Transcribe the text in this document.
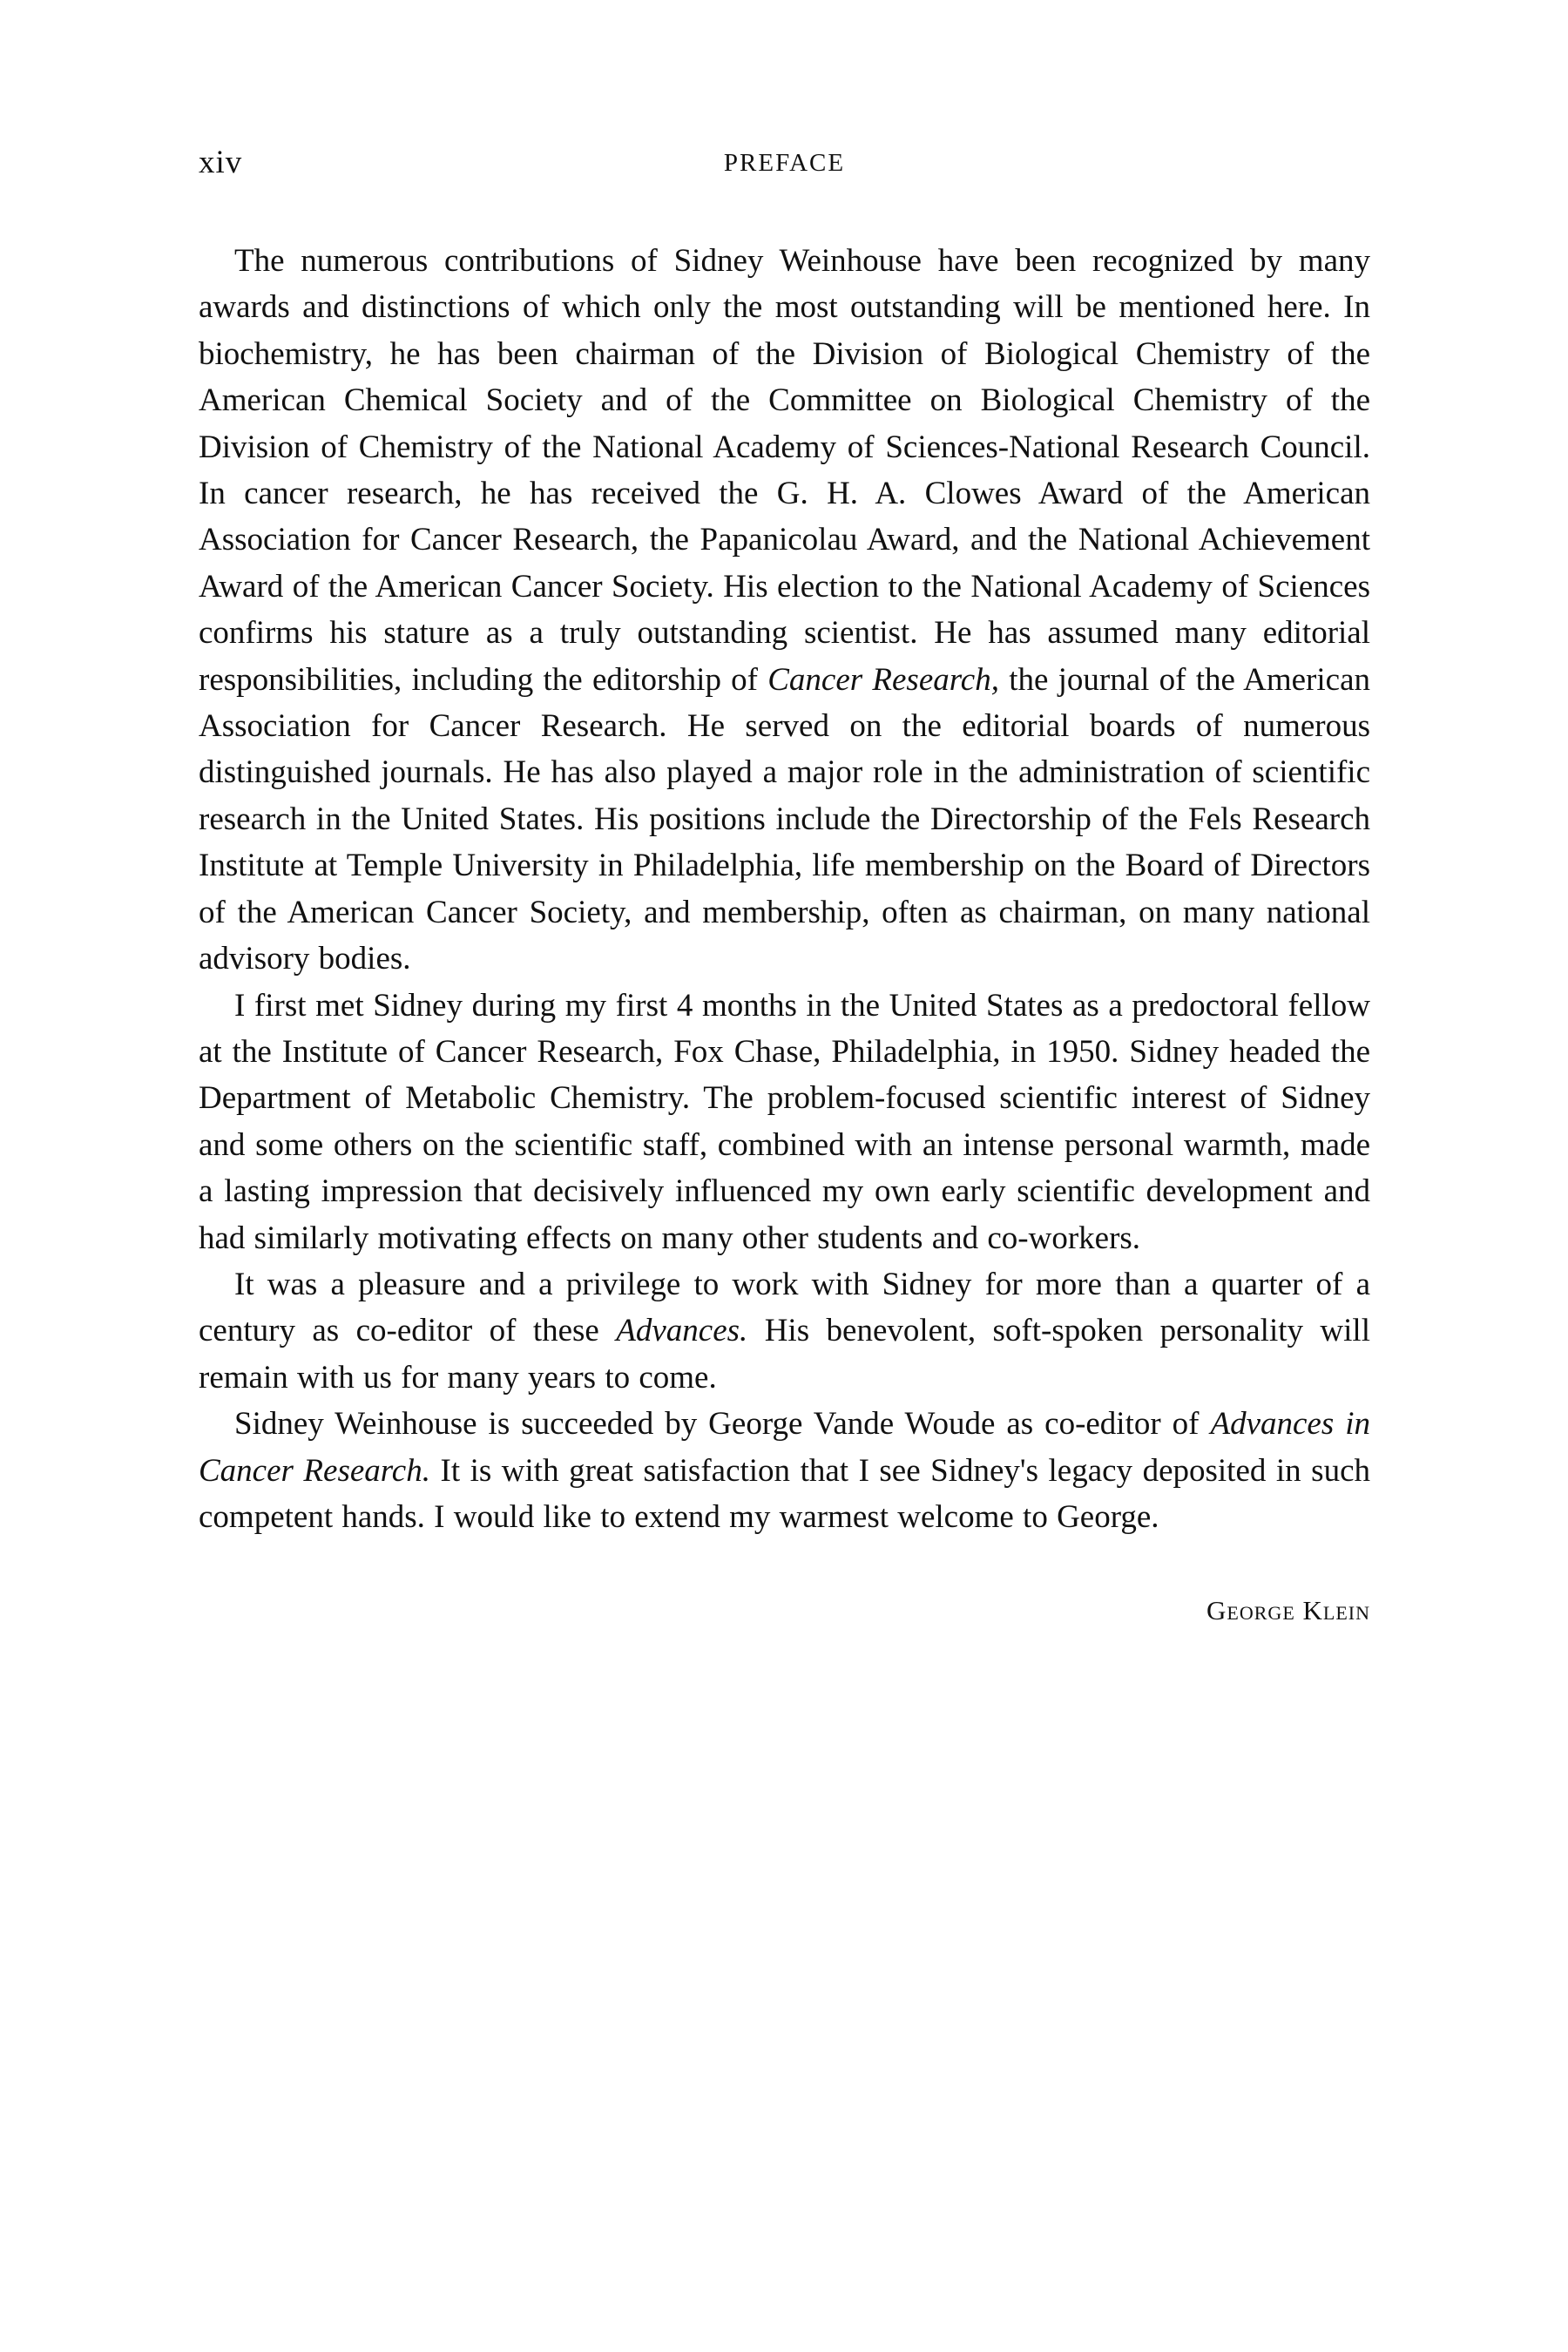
xiv	PREFACE

The numerous contributions of Sidney Weinhouse have been recognized by many awards and distinctions of which only the most outstanding will be mentioned here. In biochemistry, he has been chairman of the Division of Biological Chemistry of the American Chemical Society and of the Committee on Biological Chemistry of the Division of Chemistry of the National Academy of Sciences-National Research Council. In cancer research, he has received the G. H. A. Clowes Award of the American Association for Cancer Research, the Papanicolau Award, and the National Achievement Award of the American Cancer Society. His election to the National Academy of Sciences confirms his stature as a truly outstanding scientist. He has assumed many editorial responsibilities, including the editorship of Cancer Research, the journal of the American Association for Cancer Research. He served on the editorial boards of numerous distinguished journals. He has also played a major role in the administration of scientific research in the United States. His positions include the Directorship of the Fels Research Institute at Temple University in Philadelphia, life membership on the Board of Directors of the American Cancer Society, and membership, often as chairman, on many national advisory bodies.

I first met Sidney during my first 4 months in the United States as a predoctoral fellow at the Institute of Cancer Research, Fox Chase, Philadelphia, in 1950. Sidney headed the Department of Metabolic Chemistry. The problem-focused scientific interest of Sidney and some others on the scientific staff, combined with an intense personal warmth, made a lasting impression that decisively influenced my own early scientific development and had similarly motivating effects on many other students and co-workers.

It was a pleasure and a privilege to work with Sidney for more than a quarter of a century as co-editor of these Advances. His benevolent, soft-spoken personality will remain with us for many years to come.

Sidney Weinhouse is succeeded by George Vande Woude as co-editor of Advances in Cancer Research. It is with great satisfaction that I see Sidney's legacy deposited in such competent hands. I would like to extend my warmest welcome to George.

George Klein
